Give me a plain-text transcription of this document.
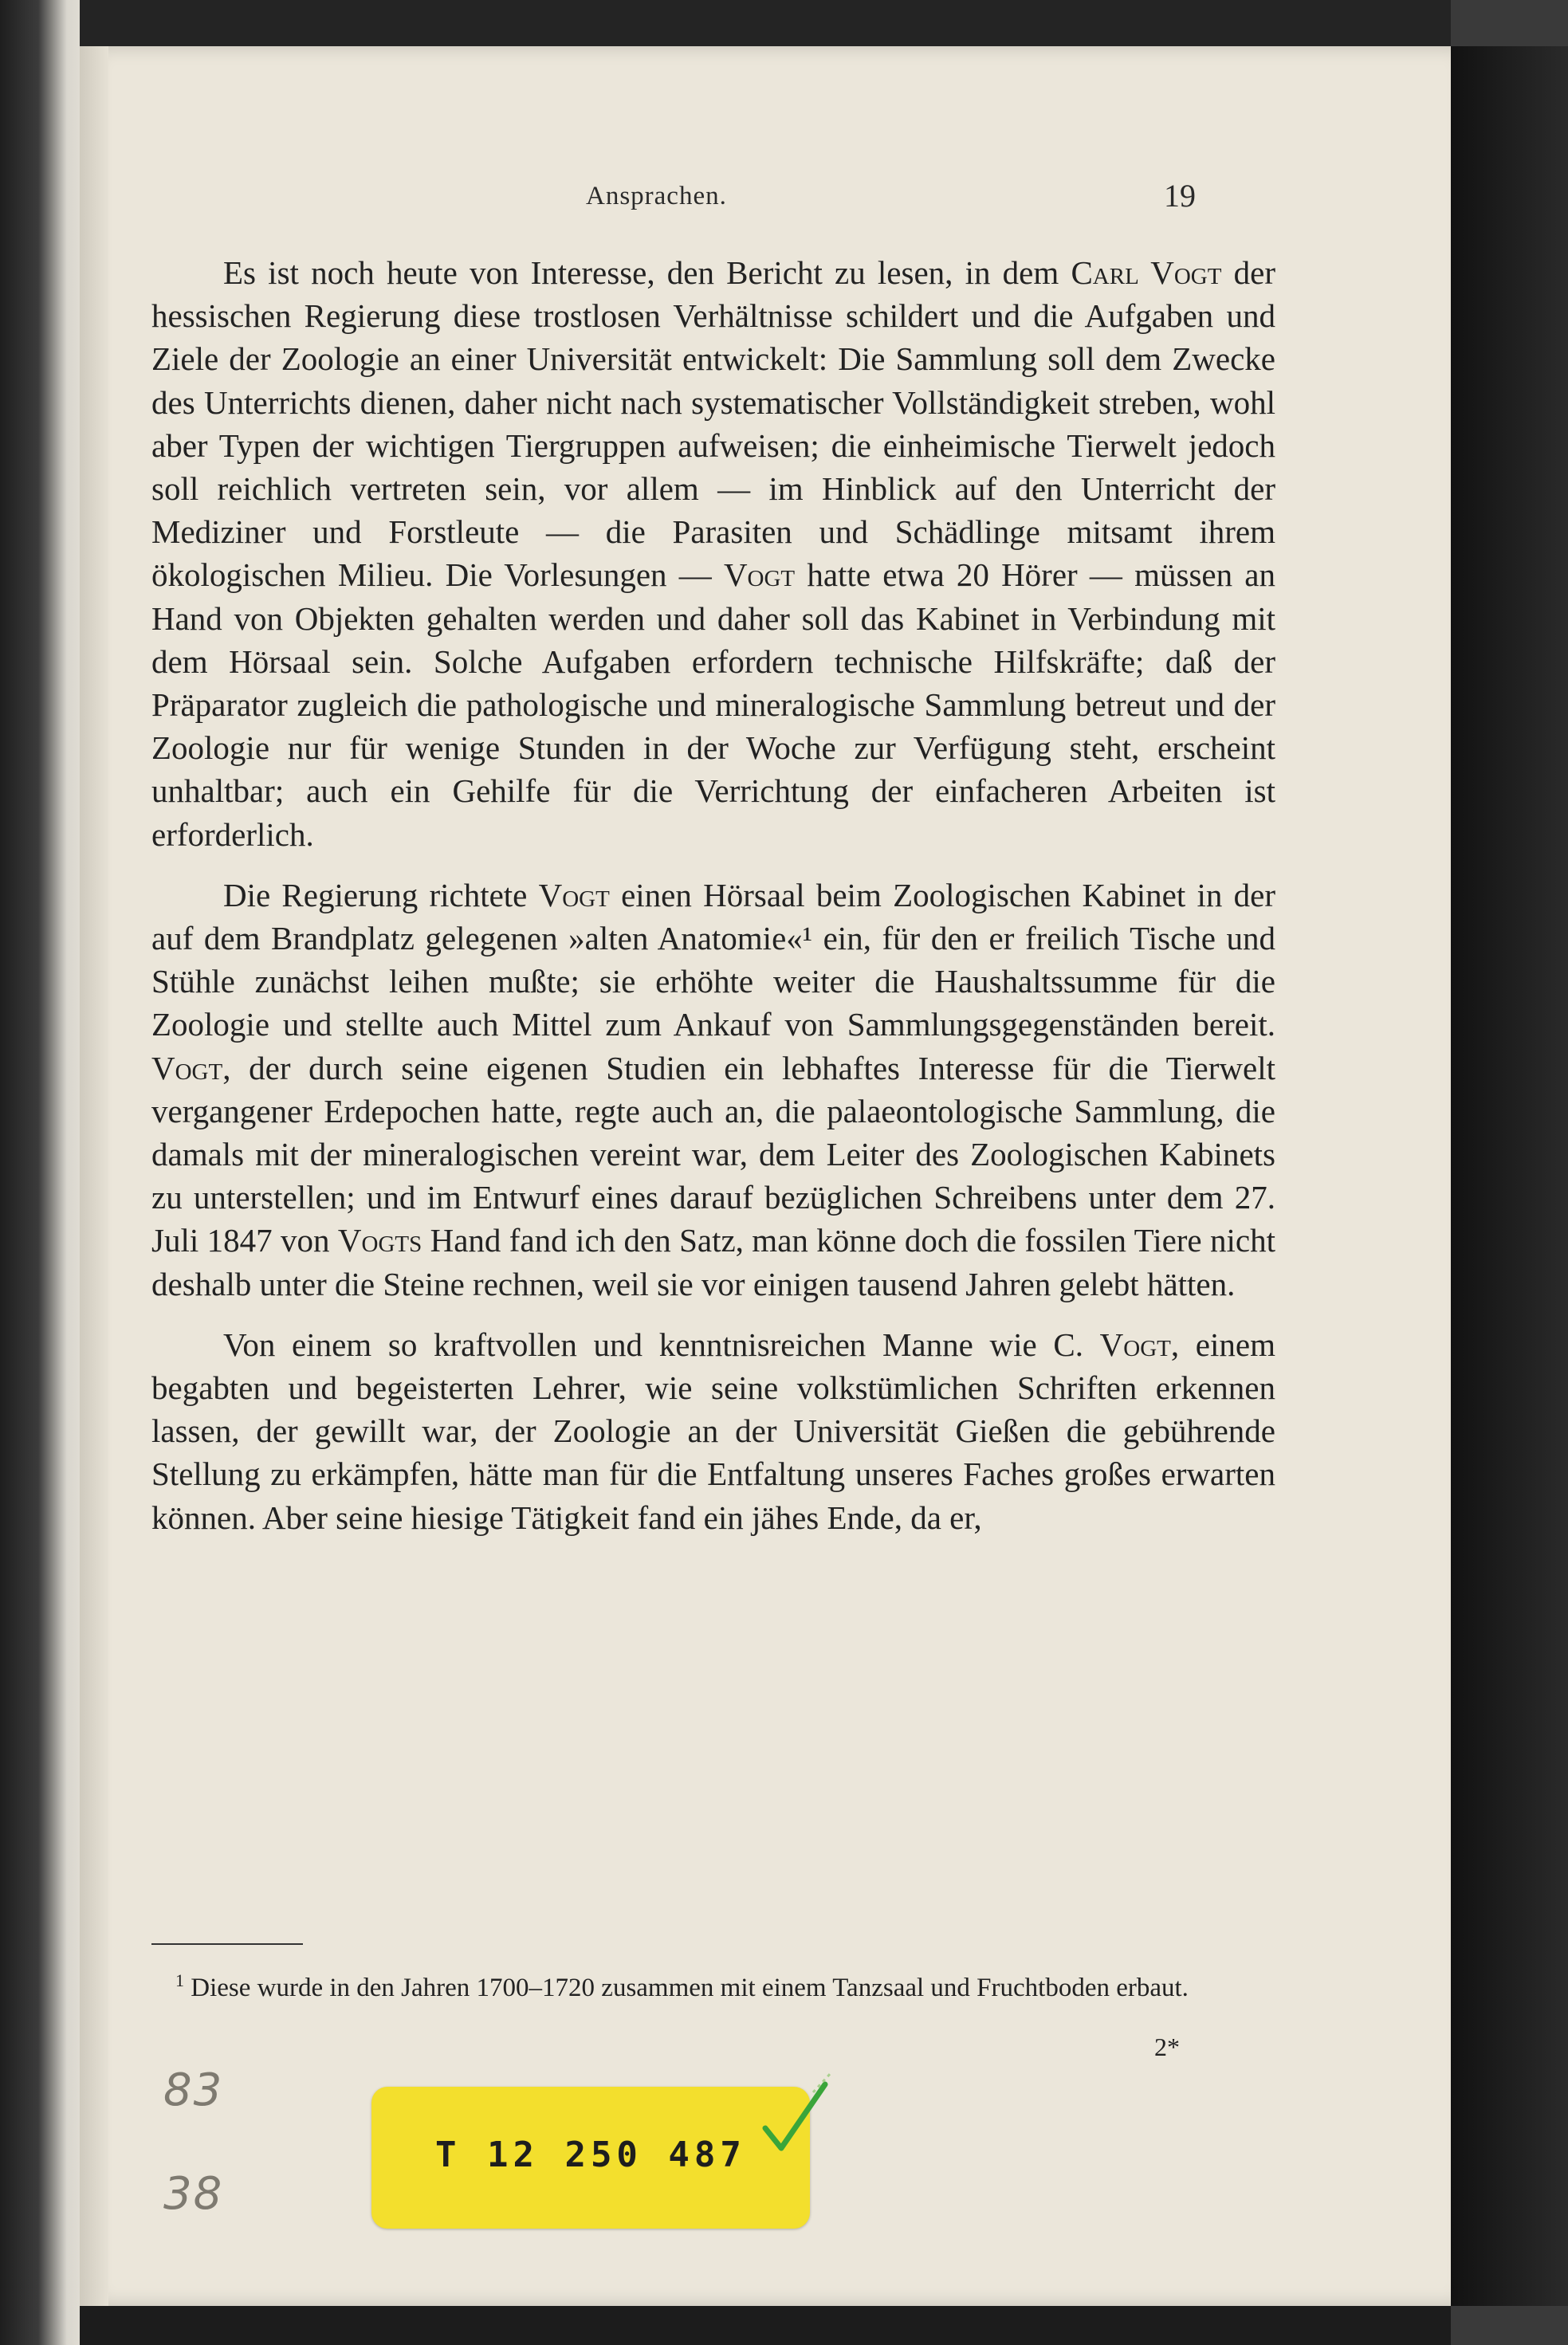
Ansprachen.	19

Es ist noch heute von Interesse, den Bericht zu lesen, in dem Carl Vogt der hessischen Regierung diese trostlosen Verhältnisse schildert und die Aufgaben und Ziele der Zoologie an einer Universität entwickelt: Die Sammlung soll dem Zwecke des Unterrichts dienen, daher nicht nach systematischer Vollständigkeit streben, wohl aber Typen der wichtigen Tiergruppen aufweisen; die einheimische Tierwelt jedoch soll reichlich vertreten sein, vor allem — im Hinblick auf den Unterricht der Mediziner und Forstleute — die Parasiten und Schädlinge mitsamt ihrem ökologischen Milieu. Die Vorlesungen — Vogt hatte etwa 20 Hörer — müssen an Hand von Objekten gehalten werden und daher soll das Kabinet in Verbindung mit dem Hörsaal sein. Solche Aufgaben erfordern technische Hilfskräfte; daß der Präparator zugleich die pathologische und mineralogische Sammlung betreut und der Zoologie nur für wenige Stunden in der Woche zur Verfügung steht, erscheint unhaltbar; auch ein Gehilfe für die Verrichtung der einfacheren Arbeiten ist erforderlich.

Die Regierung richtete Vogt einen Hörsaal beim Zoologischen Kabinet in der auf dem Brandplatz gelegenen »alten Anatomie«¹ ein, für den er freilich Tische und Stühle zunächst leihen mußte; sie erhöhte weiter die Haushaltssumme für die Zoologie und stellte auch Mittel zum Ankauf von Sammlungsgegenständen bereit. Vogt, der durch seine eigenen Studien ein lebhaftes Interesse für die Tierwelt vergangener Erdepochen hatte, regte auch an, die palaeontologische Sammlung, die damals mit der mineralogischen vereint war, dem Leiter des Zoologischen Kabinets zu unterstellen; und im Entwurf eines darauf bezüglichen Schreibens unter dem 27. Juli 1847 von Vogts Hand fand ich den Satz, man könne doch die fossilen Tiere nicht deshalb unter die Steine rechnen, weil sie vor einigen tausend Jahren gelebt hätten.

Von einem so kraftvollen und kenntnisreichen Manne wie C. Vogt, einem begabten und begeisterten Lehrer, wie seine volkstümlichen Schriften erkennen lassen, der gewillt war, der Zoologie an der Universität Gießen die gebührende Stellung zu erkämpfen, hätte man für die Entfaltung unseres Faches großes erwarten können. Aber seine hiesige Tätigkeit fand ein jähes Ende, da er,

$^1$ Diese wurde in den Jahren 1700–1720 zusammen mit einem Tanzsaal und Fruchtboden erbaut.
2*
83
38
T 12 250 487
